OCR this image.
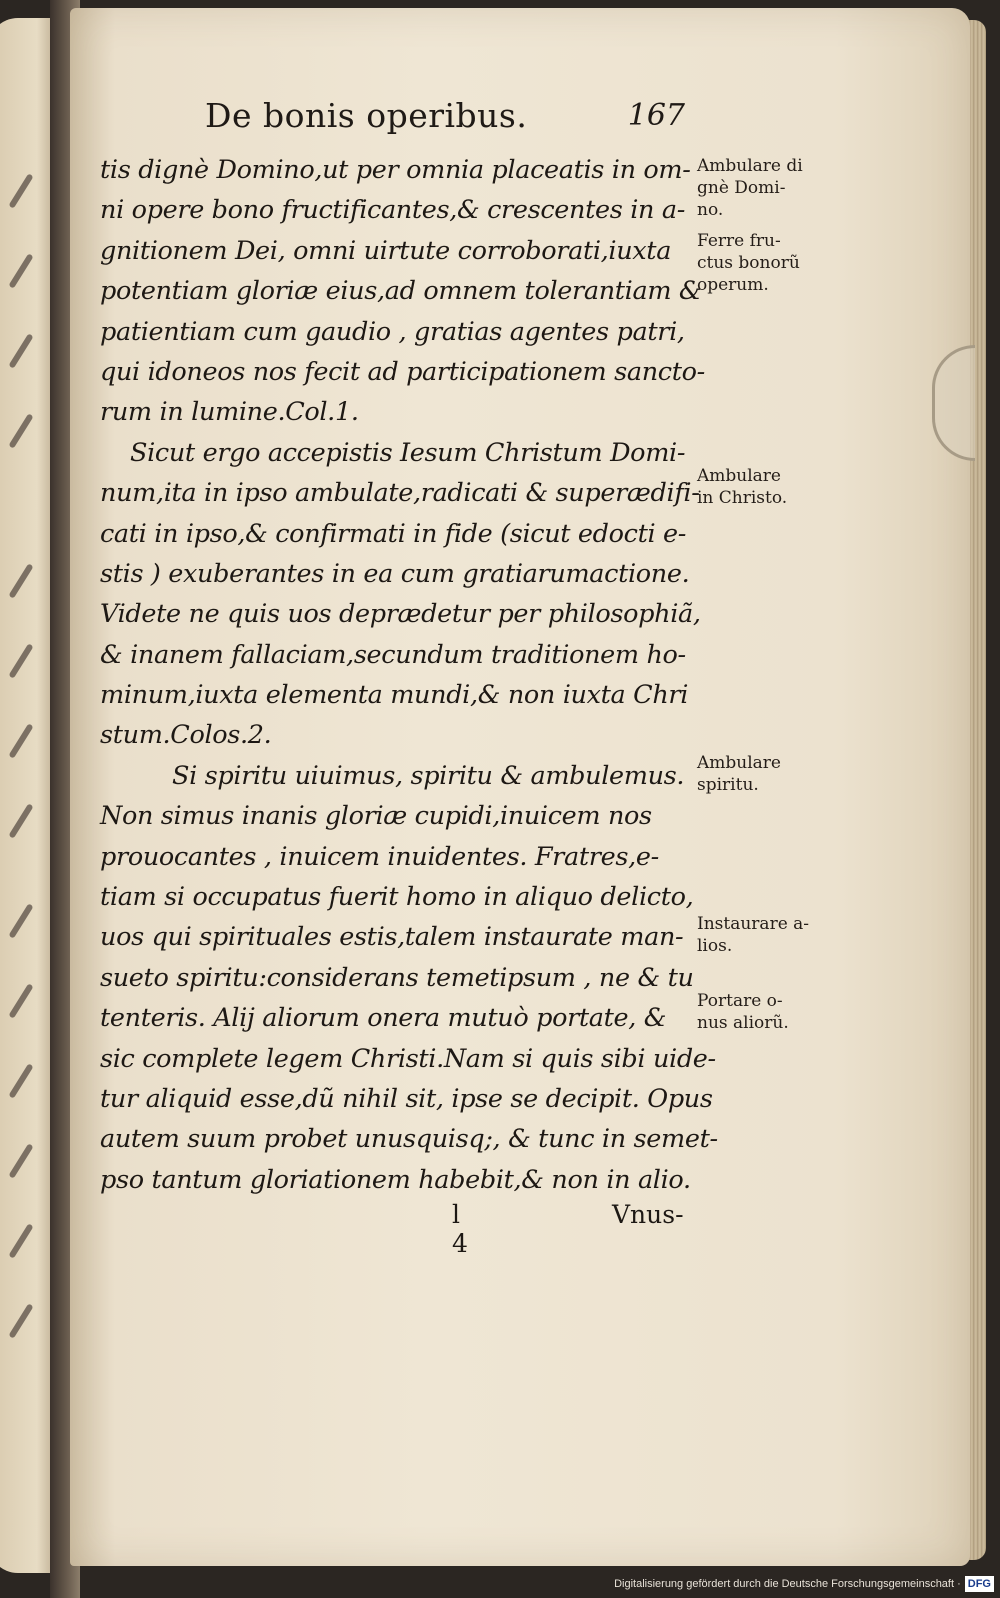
De bonis operibus.	167
tis dignè Domino,ut per omnia placeatis in om-
ni opere bono fructificantes,& crescentes in a-
gnitionem Dei, omni uirtute corroborati,iuxta
potentiam gloriæ eius,ad omnem tolerantiam &
patientiam cum gaudio , gratias agentes patri,
qui idoneos nos fecit ad participationem sancto-
rum in lumine.Col.1.
Sicut ergo accepistis Iesum Christum Domi-
num,ita in ipso ambulate,radicati & superædifi-
cati in ipso,& confirmati in fide (sicut edocti e-
stis ) exuberantes in ea cum gratiarumactione.
Videte ne quis uos deprædetur per philosophiã,
& inanem fallaciam,secundum traditionem ho-
minum,iuxta elementa mundi,& non iuxta Chri
stum.Colos.2.
Si spiritu uiuimus, spiritu & ambulemus.
Non simus inanis gloriæ cupidi,inuicem nos
prouocantes , inuicem inuidentes. Fratres,e-
tiam si occupatus fuerit homo in aliquo delicto,
uos qui spirituales estis,talem instaurate man-
sueto spiritu:considerans temetipsum , ne & tu
tenteris. Alij aliorum onera mutuò portate, &
sic complete legem Christi.Nam si quis sibi uide-
tur aliquid esse,dũ nihil sit, ipse se decipit. Opus
autem suum probet unusquisq;, & tunc in semet-
pso tantum gloriationem habebit,& non in alio.
Ambulare di
gnè Domi-
no.
Ferre fru-
ctus bonorũ
operum.
Ambulare
in Christo.
Ambulare
spiritu.
Instaurare a-
lios.
Portare o-
nus aliorũ.
l 4
Vnus-
Digitalisierung gefördert durch die Deutsche Forschungsgemeinschaft · DFG
